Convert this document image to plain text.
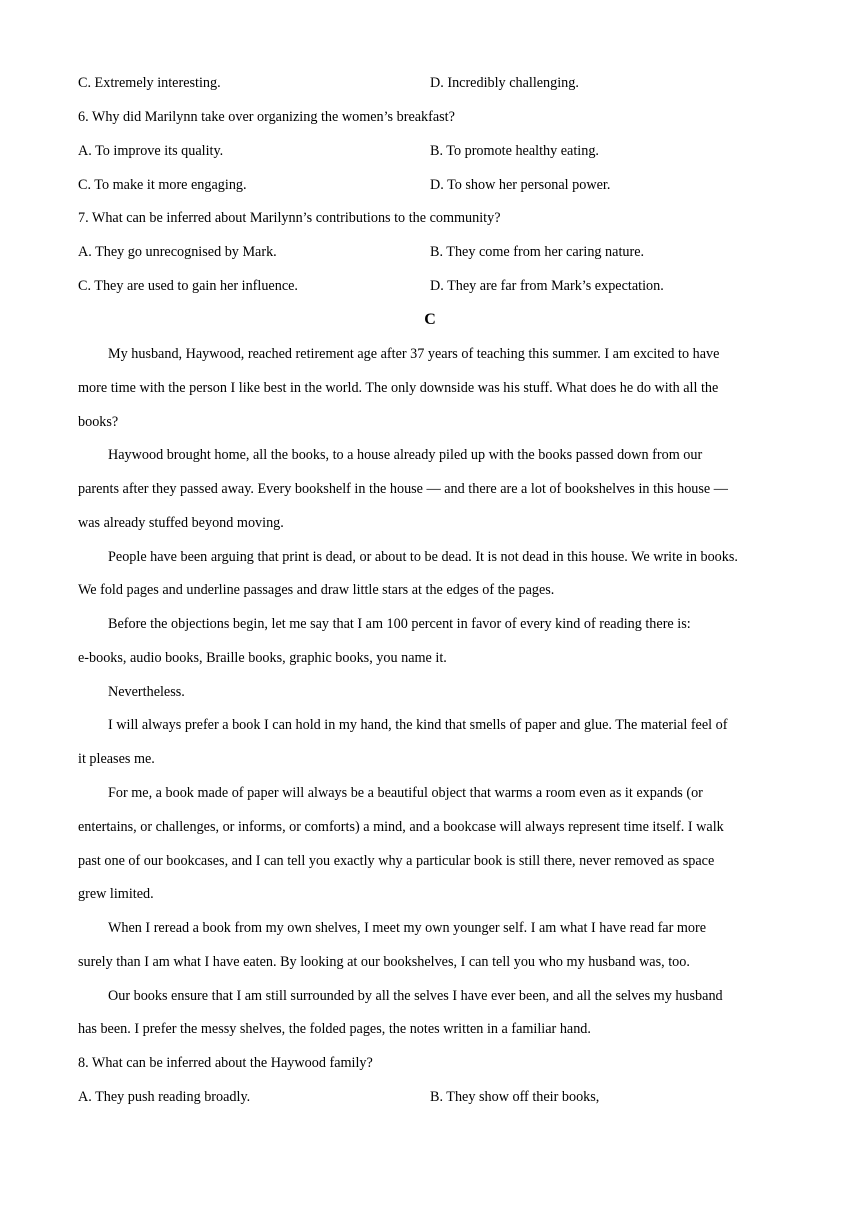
C. Extremely interesting.	D. Incredibly challenging.
6. Why did Marilynn take over organizing the women’s breakfast?
A. To improve its quality.	B. To promote healthy eating.
C. To make it more engaging.	D. To show her personal power.
7. What can be inferred about Marilynn’s contributions to the community?
A. They go unrecognised by Mark.	B. They come from her caring nature.
C. They are used to gain her influence.	D. They are far from Mark’s expectation.
C
My husband, Haywood, reached retirement age after 37 years of teaching this summer. I am excited to have
more time with the person I like best in the world. The only downside was his stuff. What does he do with all the
books?
Haywood brought home, all the books, to a house already piled up with the books passed down from our
parents after they passed away. Every bookshelf in the house — and there are a lot of bookshelves in this house —
was already stuffed beyond moving.
People have been arguing that print is dead, or about to be dead. It is not dead in this house. We write in books.
We fold pages and underline passages and draw little stars at the edges of the pages.
Before the objections begin, let me say that I am 100 percent in favor of every kind of reading there is:
e-books, audio books, Braille books, graphic books, you name it.
Nevertheless.
I will always prefer a book I can hold in my hand, the kind that smells of paper and glue. The material feel of
it pleases me.
For me, a book made of paper will always be a beautiful object that warms a room even as it expands (or
entertains, or challenges, or informs, or comforts) a mind, and a bookcase will always represent time itself. I walk
past one of our bookcases, and I can tell you exactly why a particular book is still there, never removed as space
grew limited.
When I reread a book from my own shelves, I meet my own younger self. I am what I have read far more
surely than I am what I have eaten. By looking at our bookshelves, I can tell you who my husband was, too.
Our books ensure that I am still surrounded by all the selves I have ever been, and all the selves my husband
has been. I prefer the messy shelves, the folded pages, the notes written in a familiar hand.
8. What can be inferred about the Haywood family?
A. They push reading broadly.	B. They show off their books,
